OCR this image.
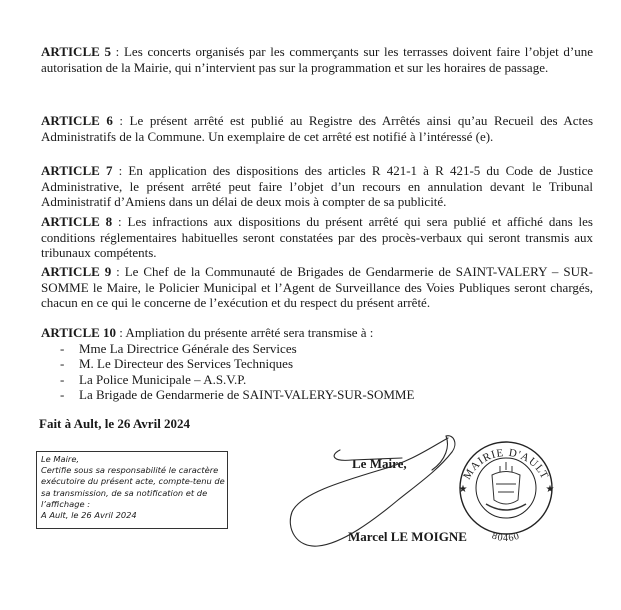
ARTICLE 5 : Les concerts organisés par les commerçants sur les terrasses doivent faire l’objet d’une autorisation de la Mairie, qui n’intervient pas sur la programmation et sur les horaires de passage.
ARTICLE 6 : Le présent arrêté est publié au Registre des Arrêtés ainsi qu’au Recueil des Actes Administratifs de la Commune. Un exemplaire de cet arrêté est notifié à l’intéressé (e).
ARTICLE 7 : En application des dispositions des articles R 421-1 à R 421-5 du Code de Justice Administrative, le présent arrêté peut faire l’objet d’un recours en annulation devant le Tribunal Administratif d’Amiens dans un délai de deux mois à compter de sa publicité.
ARTICLE 8 : Les infractions aux dispositions du présent arrêté qui sera publié et affiché dans les conditions réglementaires habituelles seront constatées par des procès-verbaux qui seront transmis aux tribunaux compétents.
ARTICLE 9 : Le Chef de la Communauté de Brigades de Gendarmerie de SAINT-VALERY – SUR-SOMME le Maire, le Policier Municipal et l’Agent de Surveillance des Voies Publiques seront chargés, chacun en ce qui le concerne de l’exécution et du respect du présent arrêté.
ARTICLE 10 : Ampliation du présente arrêté sera transmise à :
- Mme La Directrice Générale des Services
- M. Le Directeur des Services Techniques
- La Police Municipale – A.S.V.P.
- La Brigade de Gendarmerie de SAINT-VALERY-SUR-SOMME
Fait à Ault, le 26 Avril 2024
Le Maire,
Certifie sous sa responsabilité le caractère
exécutoire du présent acte, compte-tenu de
sa transmission, de sa notification et de
l’affichage :
A Ault, le 26 Avril 2024
Le Maire,
Marcel LE MOIGNE
MAIRIE D'AULT
80460
★	★
